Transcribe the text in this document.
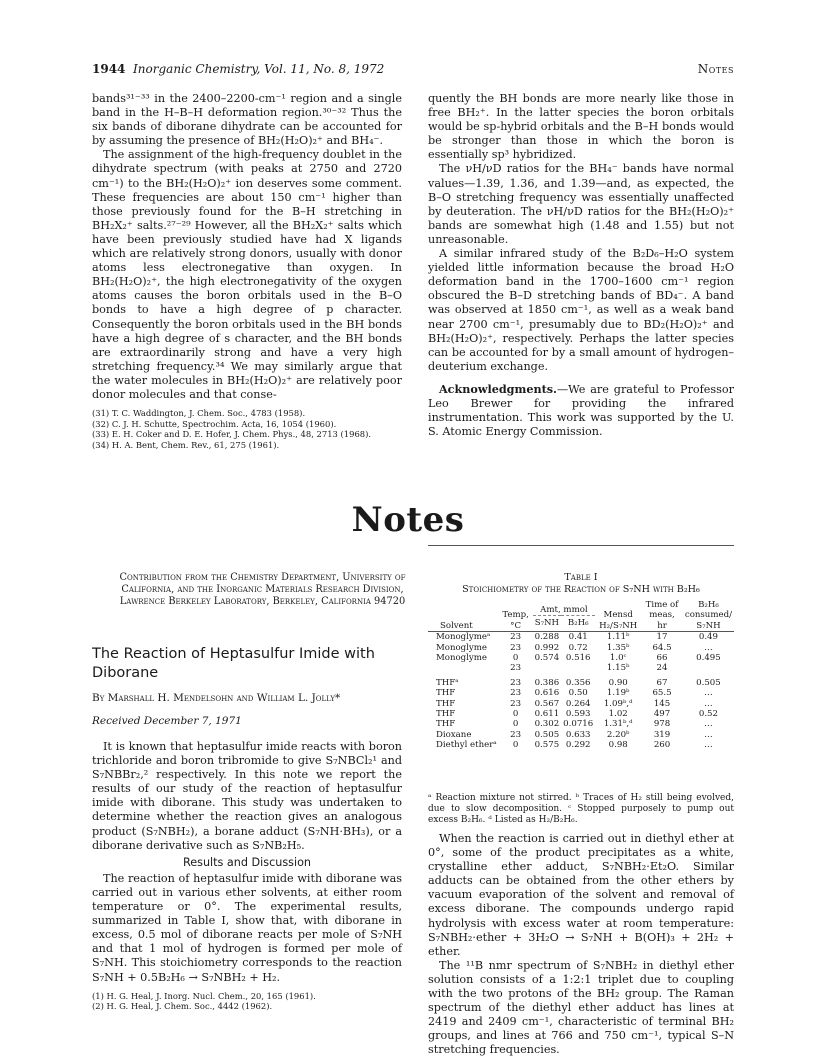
1944 Inorganic Chemistry, Vol. 11, No. 8, 1972	Notes

bands³¹⁻³³ in the 2400–2200-cm⁻¹ region and a single band in the H–B–H deformation region.³⁰⁻³² Thus the six bands of diborane dihydrate can be accounted for by assuming the presence of BH₂(H₂O)₂⁺ and BH₄⁻.

The assignment of the high-frequency doublet in the dihydrate spectrum (with peaks at 2750 and 2720 cm⁻¹) to the BH₂(H₂O)₂⁺ ion deserves some comment. These frequencies are about 150 cm⁻¹ higher than those previously found for the B–H stretching in BH₂X₂⁺ salts.²⁷⁻²⁹ However, all the BH₂X₂⁺ salts which have been previously studied have had X ligands which are relatively strong donors, usually with donor atoms less electronegative than oxygen. In BH₂(H₂O)₂⁺, the high electronegativity of the oxygen atoms causes the boron orbitals used in the B–O bonds to have a high degree of p character. Consequently the boron orbitals used in the BH bonds have a high degree of s character, and the BH bonds are extraordinarily strong and have a very high stretching frequency.³⁴ We may similarly argue that the water molecules in BH₂(H₂O)₂⁺ are relatively poor donor molecules and that conse-

(31) T. C. Waddington, J. Chem. Soc., 4783 (1958).
(32) C. J. H. Schutte, Spectrochim. Acta, 16, 1054 (1960).
(33) E. H. Coker and D. E. Hofer, J. Chem. Phys., 48, 2713 (1968).
(34) H. A. Bent, Chem. Rev., 61, 275 (1961).

quently the BH bonds are more nearly like those in free BH₂⁺. In the latter species the boron orbitals would be sp-hybrid orbitals and the B–H bonds would be stronger than those in which the boron is essentially sp³ hybridized.

The νH/νD ratios for the BH₄⁻ bands have normal values—1.39, 1.36, and 1.39—and, as expected, the B–O stretching frequency was essentially unaffected by deuteration. The νH/νD ratios for the BH₂(H₂O)₂⁺ bands are somewhat high (1.48 and 1.55) but not unreasonable.

A similar infrared study of the B₂D₆–H₂O system yielded little information because the broad H₂O deformation band in the 1700–1600 cm⁻¹ region obscured the B–D stretching bands of BD₄⁻. A band was observed at 1850 cm⁻¹, as well as a weak band near 2700 cm⁻¹, presumably due to BD₂(H₂O)₂⁺ and BH₂(H₂O)₂⁺, respectively. Perhaps the latter species can be accounted for by a small amount of hydrogen–deuterium exchange.

Acknowledgments.—We are grateful to Professor Leo Brewer for providing the infrared instrumentation. This work was supported by the U. S. Atomic Energy Commission.

Notes
Contribution from the Chemistry Department, University of California, and the Inorganic Materials Research Division, Lawrence Berkeley Laboratory, Berkeley, California 94720
The Reaction of Heptasulfur Imide with Diborane
By Marshall H. Mendelsohn and William L. Jolly*
Received December 7, 1971

It is known that heptasulfur imide reacts with boron trichloride and boron tribromide to give S₇NBCl₂¹ and S₇NBBr₂,² respectively. In this note we report the results of our study of the reaction of heptasulfur imide with diborane. This study was undertaken to determine whether the reaction gives an analogous product (S₇NBH₂), a borane adduct (S₇NH·BH₃), or a diborane derivative such as S₇NB₂H₅.

Results and Discussion

The reaction of heptasulfur imide with diborane was carried out in various ether solvents, at either room temperature or 0°. The experimental results, summarized in Table I, show that, with diborane in excess, 0.5 mol of diborane reacts per mole of S₇NH and that 1 mol of hydrogen is formed per mole of S₇NH. This stoichiometry corresponds to the reaction S₇NH + 0.5B₂H₆ → S₇NBH₂ + H₂.

(1) H. G. Heal, J. Inorg. Nucl. Chem., 20, 165 (1961).
(2) H. G. Heal, J. Chem. Soc., 4442 (1962).
Table I
Stoichiometry of the Reaction of S₇NH with B₂H₆
Solvent	Temp, °C	Amt, mmol		Mensd H₂/S₇NH	Time of meas, hr	B₂H₆ consumed/ S₇NH
		S₇NH	B₂H₆			
Monoglymeᵃ	23	0.288	0.41	1.11ᵇ	17	0.49
Monoglyme	23	0.992	0.72	1.35ᵇ	64.5	…
Monoglyme	0	0.574	0.516	1.0ᶜ	66	0.495
	23			1.15ᵇ	24	
THFᵃ	23	0.386	0.356	0.90	67	0.505
THF	23	0.616	0.50	1.19ᵇ	65.5	…
THF	23	0.567	0.264	1.09ᵇ,ᵈ	145	…
THF	0	0.611	0.593	1.02	497	0.52
THF	0	0.302	0.0716	1.31ᵇ,ᵈ	978	…
Dioxane	23	0.505	0.633	2.20ᵇ	319	…
Diethyl etherᵃ	0	0.575	0.292	0.98	260	…
ᵃ Reaction mixture not stirred. ᵇ Traces of H₂ still being evolved, due to slow decomposition. ᶜ Stopped purposely to pump out excess B₂H₆. ᵈ Listed as H₂/B₂H₆.

When the reaction is carried out in diethyl ether at 0°, some of the product precipitates as a white, crystalline ether adduct, S₇NBH₂·Et₂O. Similar adducts can be obtained from the other ethers by vacuum evaporation of the solvent and removal of excess diborane. The compounds undergo rapid hydrolysis with excess water at room temperature: S₇NBH₂·ether + 3H₂O → S₇NH + B(OH)₃ + 2H₂ + ether.

The ¹¹B nmr spectrum of S₇NBH₂ in diethyl ether solution consists of a 1:2:1 triplet due to coupling with the two protons of the BH₂ group. The Raman spectrum of the diethyl ether adduct has lines at 2419 and 2409 cm⁻¹, characteristic of terminal BH₂ groups, and lines at 766 and 750 cm⁻¹, typical S–N stretching frequencies.
